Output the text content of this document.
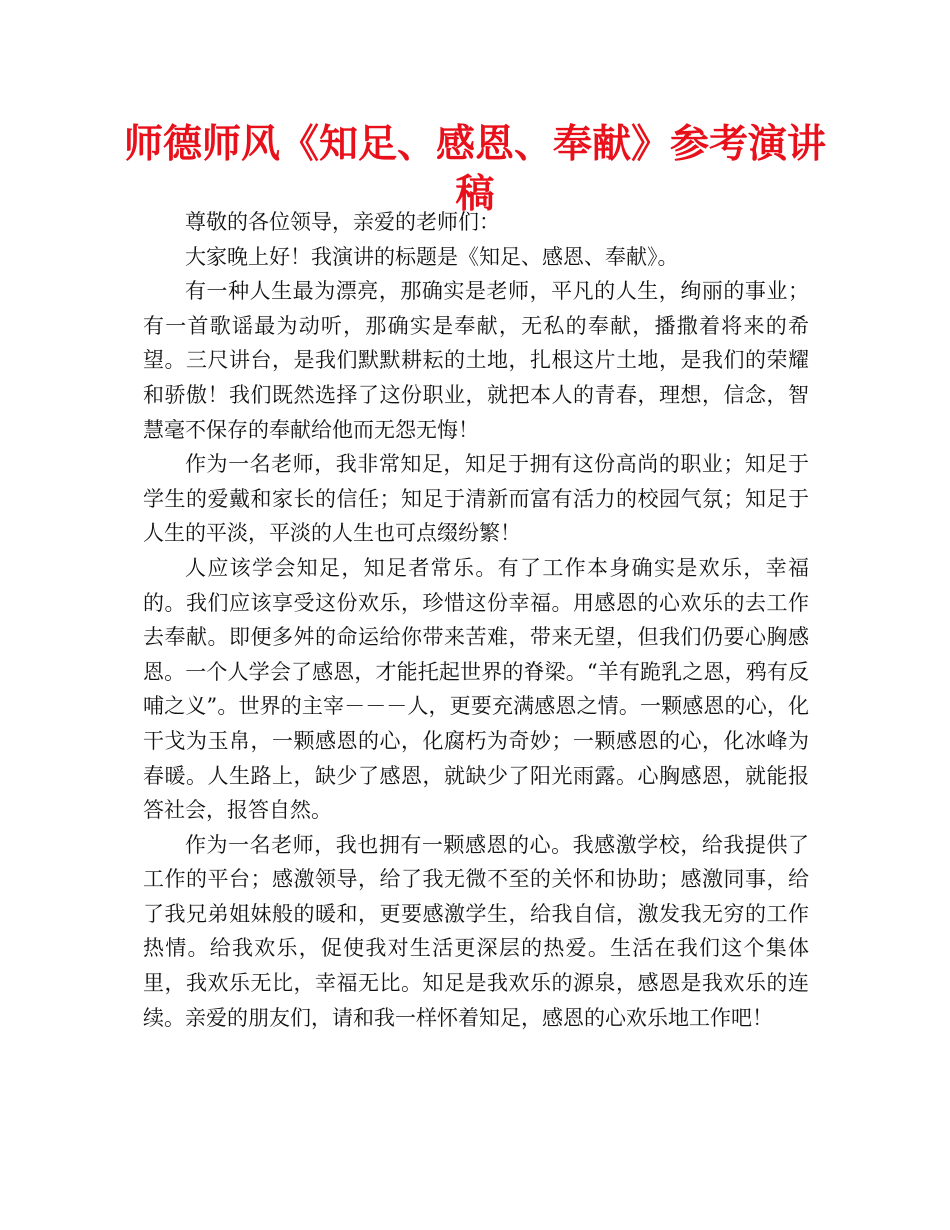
师德师风《知足、感恩、奉献》参考演讲稿

尊敬的各位领导，亲爱的老师们：

大家晚上好！我演讲的标题是《知足、感恩、奉献》。

有一种人生最为漂亮，那确实是老师，平凡的人生，绚丽的事业；有一首歌谣最为动听，那确实是奉献，无私的奉献，播撒着将来的希望。三尺讲台，是我们默默耕耘的土地，扎根这片土地，是我们的荣耀和骄傲！我们既然选择了这份职业，就把本人的青春，理想，信念，智慧毫不保存的奉献给他而无怨无悔！

作为一名老师，我非常知足，知足于拥有这份高尚的职业；知足于学生的爱戴和家长的信任；知足于清新而富有活力的校园气氛；知足于人生的平淡，平淡的人生也可点缀纷繁！

人应该学会知足，知足者常乐。有了工作本身确实是欢乐，幸福的。我们应该享受这份欢乐，珍惜这份幸福。用感恩的心欢乐的去工作去奉献。即便多舛的命运给你带来苦难，带来无望，但我们仍要心胸感恩。一个人学会了感恩，才能托起世界的脊梁。“羊有跪乳之恩，鸦有反哺之义”。世界的主宰－－－人，更要充满感恩之情。一颗感恩的心，化干戈为玉帛，一颗感恩的心，化腐朽为奇妙；一颗感恩的心，化冰峰为春暖。人生路上，缺少了感恩，就缺少了阳光雨露。心胸感恩，就能报答社会，报答自然。

作为一名老师，我也拥有一颗感恩的心。我感激学校，给我提供了工作的平台；感激领导，给了我无微不至的关怀和协助；感激同事，给了我兄弟姐妹般的暖和，更要感激学生，给我自信，激发我无穷的工作热情。给我欢乐，促使我对生活更深层的热爱。生活在我们这个集体里，我欢乐无比，幸福无比。知足是我欢乐的源泉，感恩是我欢乐的连续。亲爱的朋友们，请和我一样怀着知足，感恩的心欢乐地工作吧！
